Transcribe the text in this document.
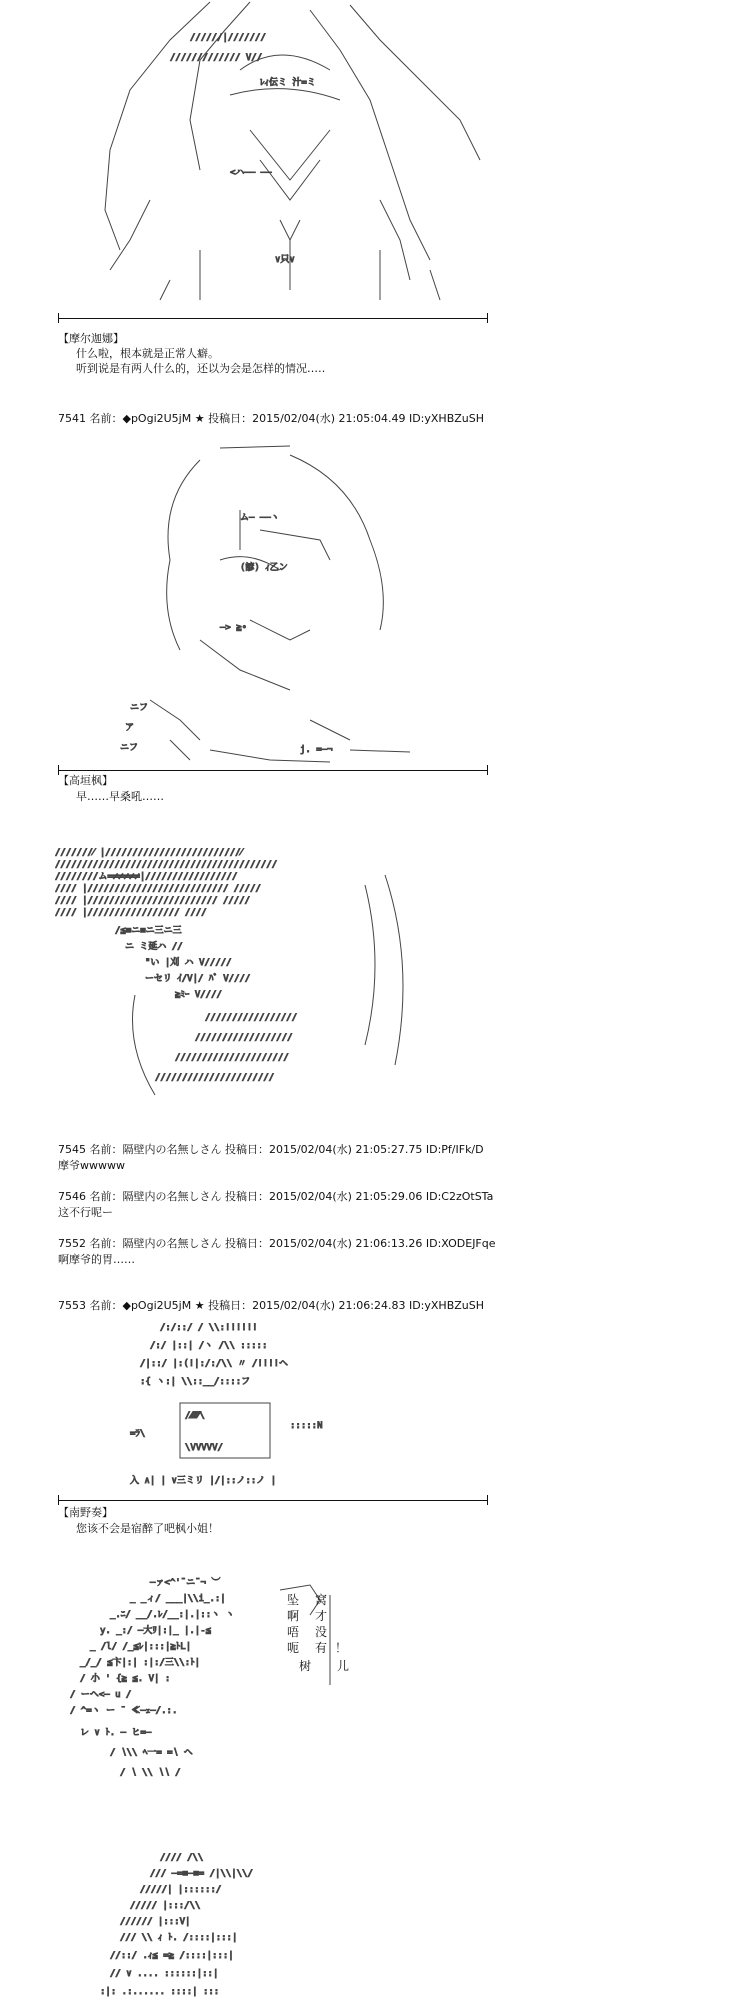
//////|///////
///////////// V//
ﾚｨ伝ミ 汁=ミ
<ハ—— ——
∨只∨
【摩尔迦娜】
什么啦，根本就是正常人癖。
听到说是有两人什么的，还以为会是怎样的情况…‥
7541 名前：◆pOgi2U5jM ★ 投稿日：2015/02/04(水) 21:05:04.49 ID:yXHBZuSH
ム— ——ヽ
(諺) ｨ乙ン
—> ≧•
ニフ
ア
ニフ	j. =—¬
【高垣枫】
早……早桑吼……
///////⁄ |/////////////////////////⁄
/////////////////////////////////////////
////////ム=≠≠≠≠≠|/////////////////
//// |////////////////////////// /////
//// |//////////////////////// /////
//// |///////////////// ////
/≦≡ニ≡ニ三ニ三
ニ ミ延ハ //
"い |刈 ハ V/////
ーセリ ｲ/V|/ ﾊﾞ V////
≧ﾐｰ V////
/////////////////
//////////////////
/////////////////////
//////////////////////
7545 名前：隔壁内の名無しさん 投稿日：2015/02/04(水) 21:05:27.75 ID:Pf/IFk/D
摩爷wwwww
7546 名前：隔壁内の名無しさん 投稿日：2015/02/04(水) 21:05:29.06 ID:C2zOtSTa
这不行呢ー
7552 名前：隔壁内の名無しさん 投稿日：2015/02/04(水) 21:06:13.26 ID:XODEJFqe
啊摩爷的胃……
7553 名前：◆pOgi2U5jM ★ 投稿日：2015/02/04(水) 21:06:24.83 ID:yXHBZuSH
/:/::/ / \\:!!!!!!
/:/ |::| /ヽ /\\ :::::
/|::/ |:(!|:/:/\\ 〃 /!!!!ヘ
:{ ヽ:| \\::__/::::フ
/⁄⁄⁄⁄⁄⁄\
\VVVVV/
=ﾗ\
:::::N
入 ∧| | ∨三ミリ |/|::ノ::ノ |
【南野奏】
您该不会是宿醉了吧枫小姐！
—ァ<^'¨ニ¨¬ ︶
_ _ィ/ ___|\\i_.:|
_.ﾆ/ __/.ﾚ/__:|.|::ヽ ヽ
y. _:/ —大ﾘ|:|_ |.|-≦
_ /l/ /_≦ﾚ|:::|≧ﾄL|
_/_/ ≦卞|:| :|:/三\\:ﾄ|
/ 小 ' {≧ ≦. V| :
/ ーヘ<— u /
/ ^=ヽ ー ˉ ≪—ｪ—/.:.
レ ∨ ﾄ. — ヒ=—
/ ∖\\ ﾍ一= =∖ ヘ
/ ∖ \\ ∖∖ /
坠 窝
啊 才
唔 没
呃 有 ！
树 儿
//// /\\
/// —=≡—≡= /|\\|\\/
/////| |::::::/
///// |:::/\\
////// |:::V|
/// \\ ｨ ﾄ. /::::|:::|
//::/ .ｨ≦ =≧ /::::|:::|
// ∨ .... ::::::|::|
:|: .:...... ::::| :::
